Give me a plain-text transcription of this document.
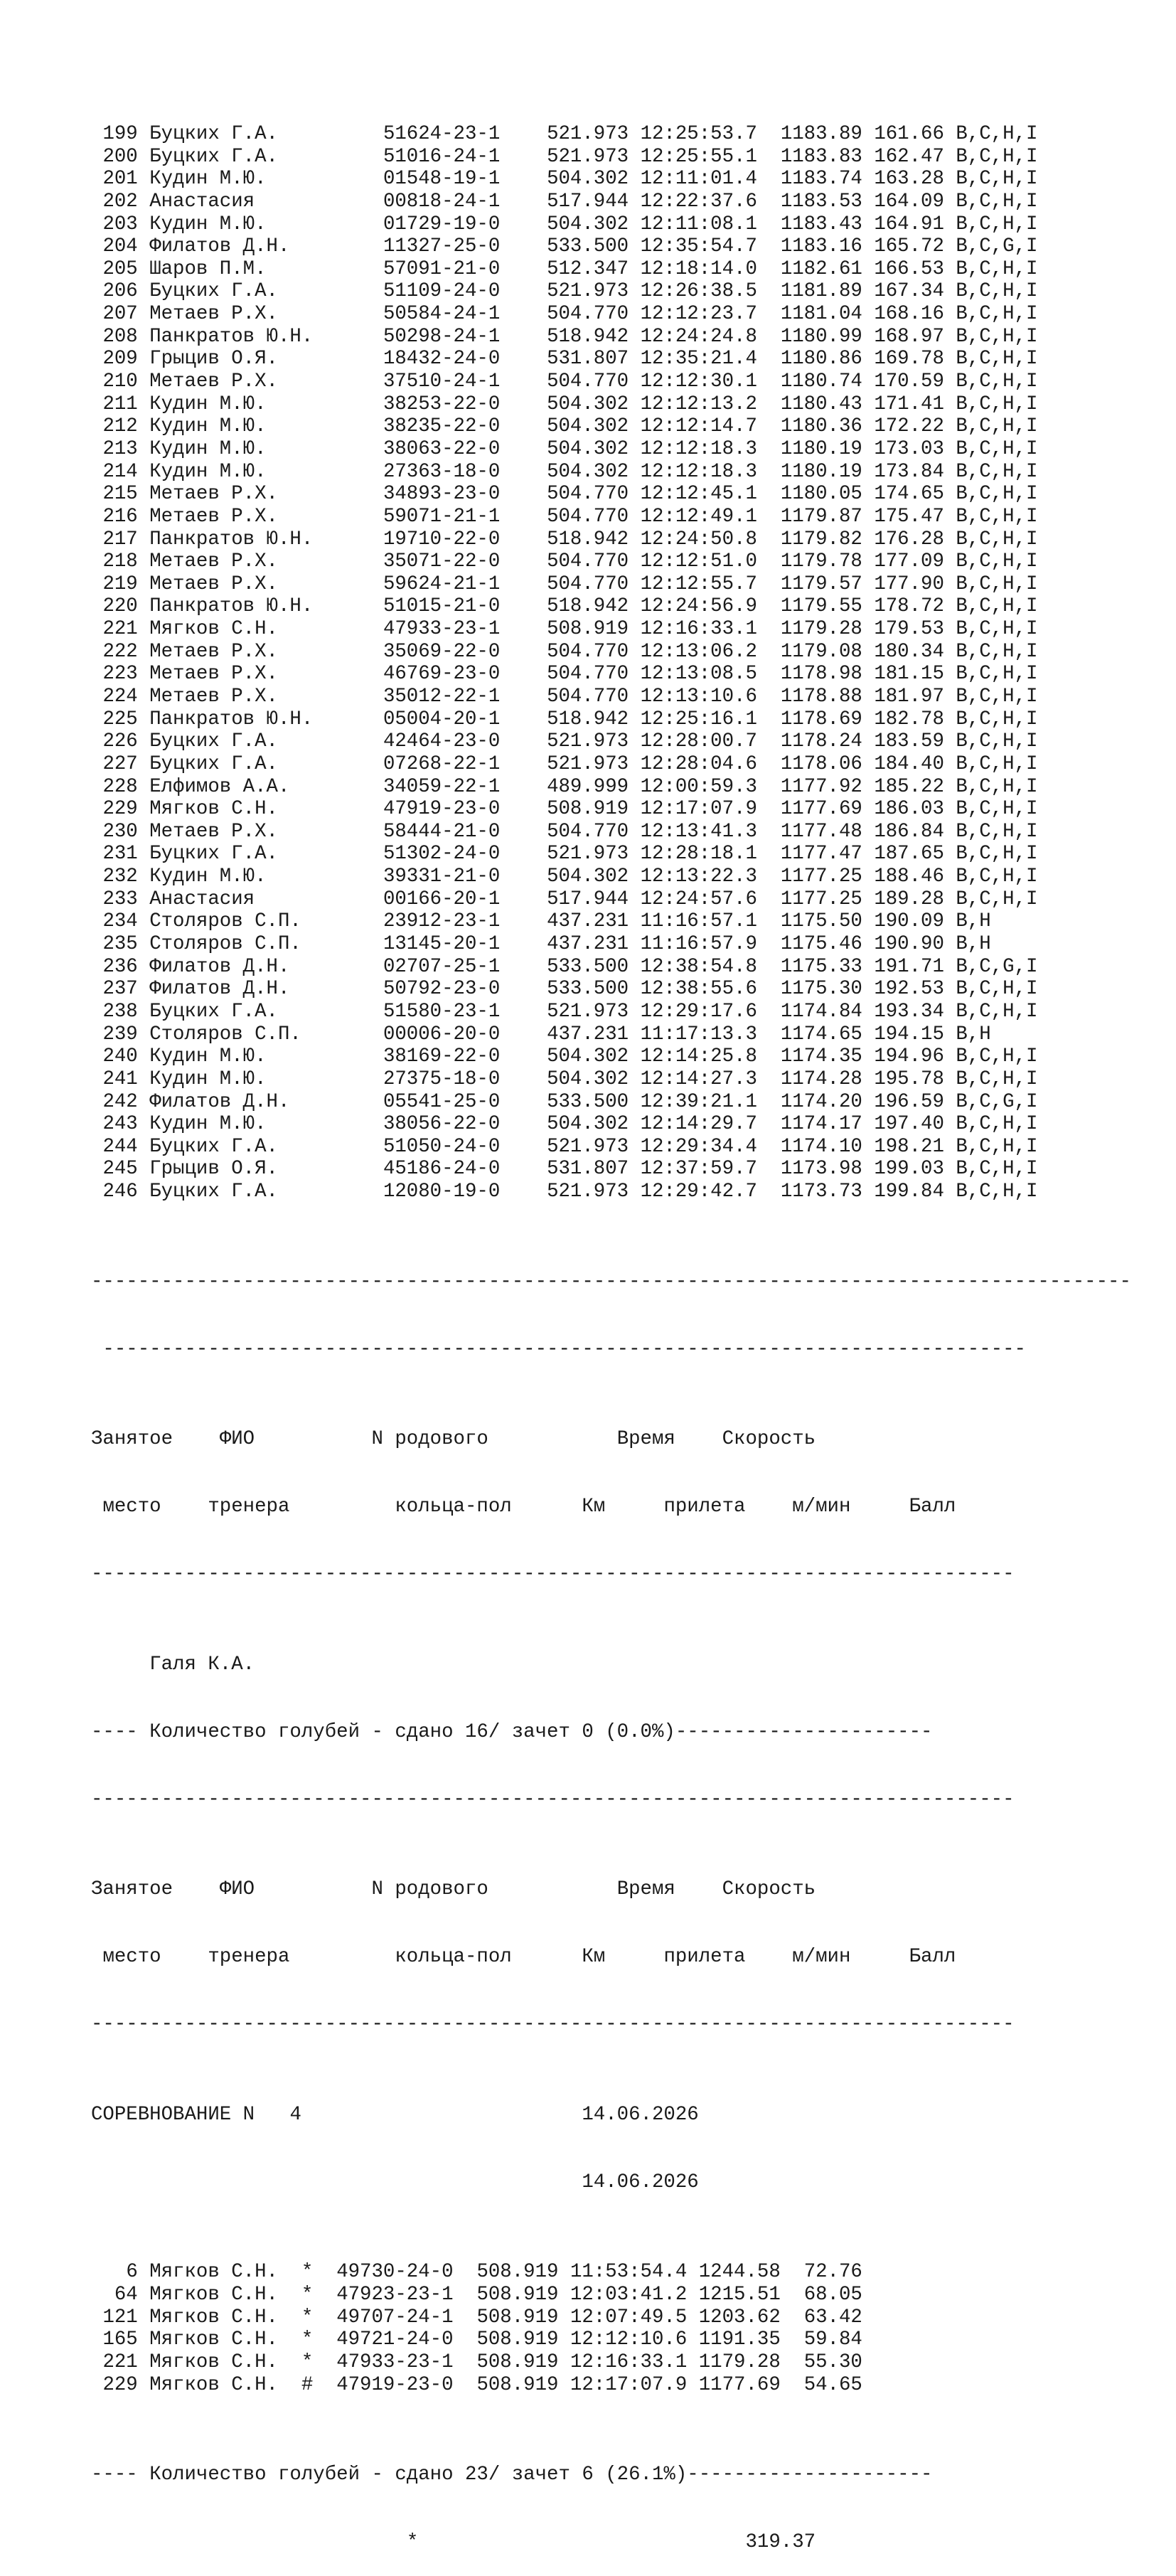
199 Буцких Г.А.	51624-23-1 521.973 12:25:53.7 1183.89 161.66 B,C,H,I
200 Буцких Г.А.	51016-24-1 521.973 12:25:55.1 1183.83 162.47 B,C,H,I
201 Кудин М.Ю.	01548-19-1 504.302 12:11:01.4 1183.74 163.28 B,C,H,I
202 Анастасия	00818-24-1 517.944 12:22:37.6 1183.53 164.09 B,C,H,I
203 Кудин М.Ю.	01729-19-0 504.302 12:11:08.1 1183.43 164.91 B,C,H,I
204 Филатов Д.Н.	11327-25-0 533.500 12:35:54.7 1183.16 165.72 B,C,G,I
205 Шаров П.М.	57091-21-0 512.347 12:18:14.0 1182.61 166.53 B,C,H,I
206 Буцких Г.А.	51109-24-0 521.973 12:26:38.5 1181.89 167.34 B,C,H,I
207 Метаев Р.Х.	50584-24-1 504.770 12:12:23.7 1181.04 168.16 B,C,H,I
208 Панкратов Ю.Н.	50298-24-1 518.942 12:24:24.8 1180.99 168.97 B,C,H,I
209 Грыцив О.Я.	18432-24-0 531.807 12:35:21.4 1180.86 169.78 B,C,H,I
210 Метаев Р.Х.	37510-24-1 504.770 12:12:30.1 1180.74 170.59 B,C,H,I
211 Кудин М.Ю.	38253-22-0 504.302 12:12:13.2 1180.43 171.41 B,C,H,I
212 Кудин М.Ю.	38235-22-0 504.302 12:12:14.7 1180.36 172.22 B,C,H,I
213 Кудин М.Ю.	38063-22-0 504.302 12:12:18.3 1180.19 173.03 B,C,H,I
214 Кудин М.Ю.	27363-18-0 504.302 12:12:18.3 1180.19 173.84 B,C,H,I
215 Метаев Р.Х.	34893-23-0 504.770 12:12:45.1 1180.05 174.65 B,C,H,I
216 Метаев Р.Х.	59071-21-1 504.770 12:12:49.1 1179.87 175.47 B,C,H,I
217 Панкратов Ю.Н.	19710-22-0 518.942 12:24:50.8 1179.82 176.28 B,C,H,I
218 Метаев Р.Х.	35071-22-0 504.770 12:12:51.0 1179.78 177.09 B,C,H,I
219 Метаев Р.Х.	59624-21-1 504.770 12:12:55.7 1179.57 177.90 B,C,H,I
220 Панкратов Ю.Н.	51015-21-0 518.942 12:24:56.9 1179.55 178.72 B,C,H,I
221 Мягков С.Н.	47933-23-1 508.919 12:16:33.1 1179.28 179.53 B,C,H,I
222 Метаев Р.Х.	35069-22-0 504.770 12:13:06.2 1179.08 180.34 B,C,H,I
223 Метаев Р.Х.	46769-23-0 504.770 12:13:08.5 1178.98 181.15 B,C,H,I
224 Метаев Р.Х.	35012-22-1 504.770 12:13:10.6 1178.88 181.97 B,C,H,I
225 Панкратов Ю.Н.	05004-20-1 518.942 12:25:16.1 1178.69 182.78 B,C,H,I
226 Буцких Г.А.	42464-23-0 521.973 12:28:00.7 1178.24 183.59 B,C,H,I
227 Буцких Г.А.	07268-22-1 521.973 12:28:04.6 1178.06 184.40 B,C,H,I
228 Елфимов А.А.	34059-22-1 489.999 12:00:59.3 1177.92 185.22 B,C,H,I
229 Мягков С.Н.	47919-23-0 508.919 12:17:07.9 1177.69 186.03 B,C,H,I
230 Метаев Р.Х.	58444-21-0 504.770 12:13:41.3 1177.48 186.84 B,C,H,I
231 Буцких Г.А.	51302-24-0 521.973 12:28:18.1 1177.47 187.65 B,C,H,I
232 Кудин М.Ю.	39331-21-0 504.302 12:13:22.3 1177.25 188.46 B,C,H,I
233 Анастасия	00166-20-1 517.944 12:24:57.6 1177.25 189.28 B,C,H,I
234 Столяров С.П.	23912-23-1 437.231 11:16:57.1 1175.50 190.09 B,H
235 Столяров С.П.	13145-20-1 437.231 11:16:57.9 1175.46 190.90 B,H
236 Филатов Д.Н.	02707-25-1 533.500 12:38:54.8 1175.33 191.71 B,C,G,I
237 Филатов Д.Н.	50792-23-0 533.500 12:38:55.6 1175.30 192.53 B,C,H,I
238 Буцких Г.А.	51580-23-1 521.973 12:29:17.6 1174.84 193.34 B,C,H,I
239 Столяров С.П.	00006-20-0 437.231 11:17:13.3 1174.65 194.15 B,H
240 Кудин М.Ю.	38169-22-0 504.302 12:14:25.8 1174.35 194.96 B,C,H,I
241 Кудин М.Ю.	27375-18-0 504.302 12:14:27.3 1174.28 195.78 B,C,H,I
242 Филатов Д.Н.	05541-25-0 533.500 12:39:21.1 1174.20 196.59 B,C,G,I
243 Кудин М.Ю.	38056-22-0 504.302 12:14:29.7 1174.17 197.40 B,C,H,I
244 Буцких Г.А.	51050-24-0 521.973 12:29:34.4 1174.10 198.21 B,C,H,I
245 Грыцив О.Я.	45186-24-0 531.807 12:37:59.7 1173.98 199.03 B,C,H,I
246 Буцких Г.А.	12080-19-0 521.973 12:29:42.7 1173.73 199.84 B,C,H,I

-----------------------------------------------------------------------------------------

-------------------------------------------------------------------------------

Занятое ФИО	N родового	Время Скорость

место тренера	кольца-пол	Км	прилета м/мин	Балл

-------------------------------------------------------------------------------

Галя К.А.

---- Количество голубей - сдано 16/ зачет 0 (0.0%)----------------------

-------------------------------------------------------------------------------

Занятое ФИО	N родового	Время Скорость

место тренера	кольца-пол	Км	прилета м/мин	Балл

-------------------------------------------------------------------------------

СОРЕВНОВАНИЕ N 4	14.06.2026

14.06.2026

6 Мягков С.Н. * 49730-24-0 508.919 11:53:54.4 1244.58 72.76
64 Мягков С.Н. * 47923-23-1 508.919 12:03:41.2 1215.51 68.05
121 Мягков С.Н. * 49707-24-1 508.919 12:07:49.5 1203.62 63.42
165 Мягков С.Н. * 49721-24-0 508.919 12:12:10.6 1191.35 59.84
221 Мягков С.Н. * 47933-23-1 508.919 12:16:33.1 1179.28 55.30
229 Мягков С.Н. # 47919-23-0 508.919 12:17:07.9 1177.69 54.65

---- Количество голубей - сдано 23/ зачет 6 (26.1%)---------------------

*	319.37
